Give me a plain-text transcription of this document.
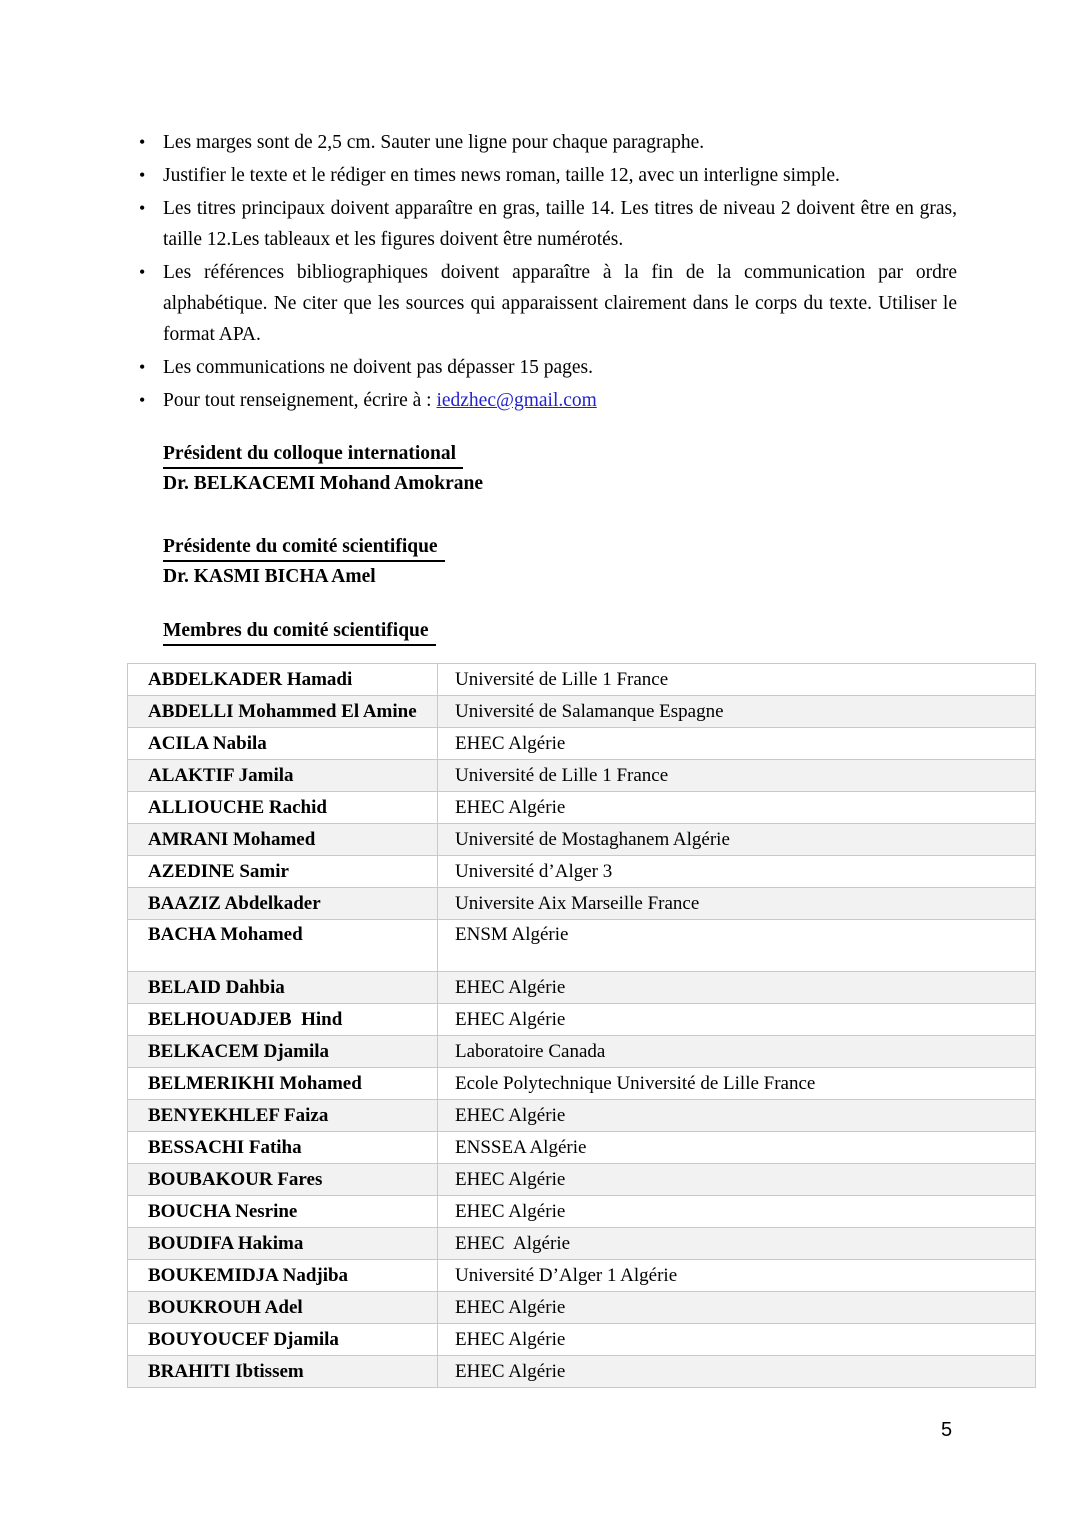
• Les marges sont de 2,5 cm. Sauter une ligne pour chaque paragraphe.
• Justifier le texte et le rédiger en times news roman, taille 12, avec un interligne simple.
• Les titres principaux doivent apparaître en gras, taille 14. Les titres de niveau 2 doivent être en gras, taille 12.Les tableaux et les figures doivent être numérotés.
• Les références bibliographiques doivent apparaître à la fin de la communication par ordre alphabétique. Ne citer que les sources qui apparaissent clairement dans le corps du texte. Utiliser le format APA.
• Les communications ne doivent pas dépasser 15 pages.
• Pour tout renseignement, écrire à : iedzhec@gmail.com
Président du colloque international
Dr. BELKACEMI Mohand Amokrane
Présidente du comité scientifique
Dr. KASMI BICHA Amel
Membres du comité scientifique
ABDELKADER Hamadi	Université de Lille 1 France
ABDELLI Mohammed El Amine	Université de Salamanque Espagne
ACILA Nabila	EHEC Algérie
ALAKTIF Jamila	Université de Lille 1 France
ALLIOUCHE Rachid	EHEC Algérie
AMRANI Mohamed	Université de Mostaghanem Algérie
AZEDINE Samir	Université d’Alger 3
BAAZIZ Abdelkader	Universite Aix Marseille France
BACHA Mohamed	ENSM Algérie
BELAID Dahbia	EHEC Algérie
BELHOUADJEB  Hind	EHEC Algérie
BELKACEM Djamila	Laboratoire Canada
BELMERIKHI Mohamed	Ecole Polytechnique Université de Lille France
BENYEKHLEF Faiza	EHEC Algérie
BESSACHI Fatiha	ENSSEA Algérie
BOUBAKOUR Fares	EHEC Algérie
BOUCHA Nesrine	EHEC Algérie
BOUDIFA Hakima	EHEC  Algérie
BOUKEMIDJA Nadjiba	Université D’Alger 1 Algérie
BOUKROUH Adel	EHEC Algérie
BOUYOUCEF Djamila	EHEC Algérie
BRAHITI Ibtissem	EHEC Algérie
5
